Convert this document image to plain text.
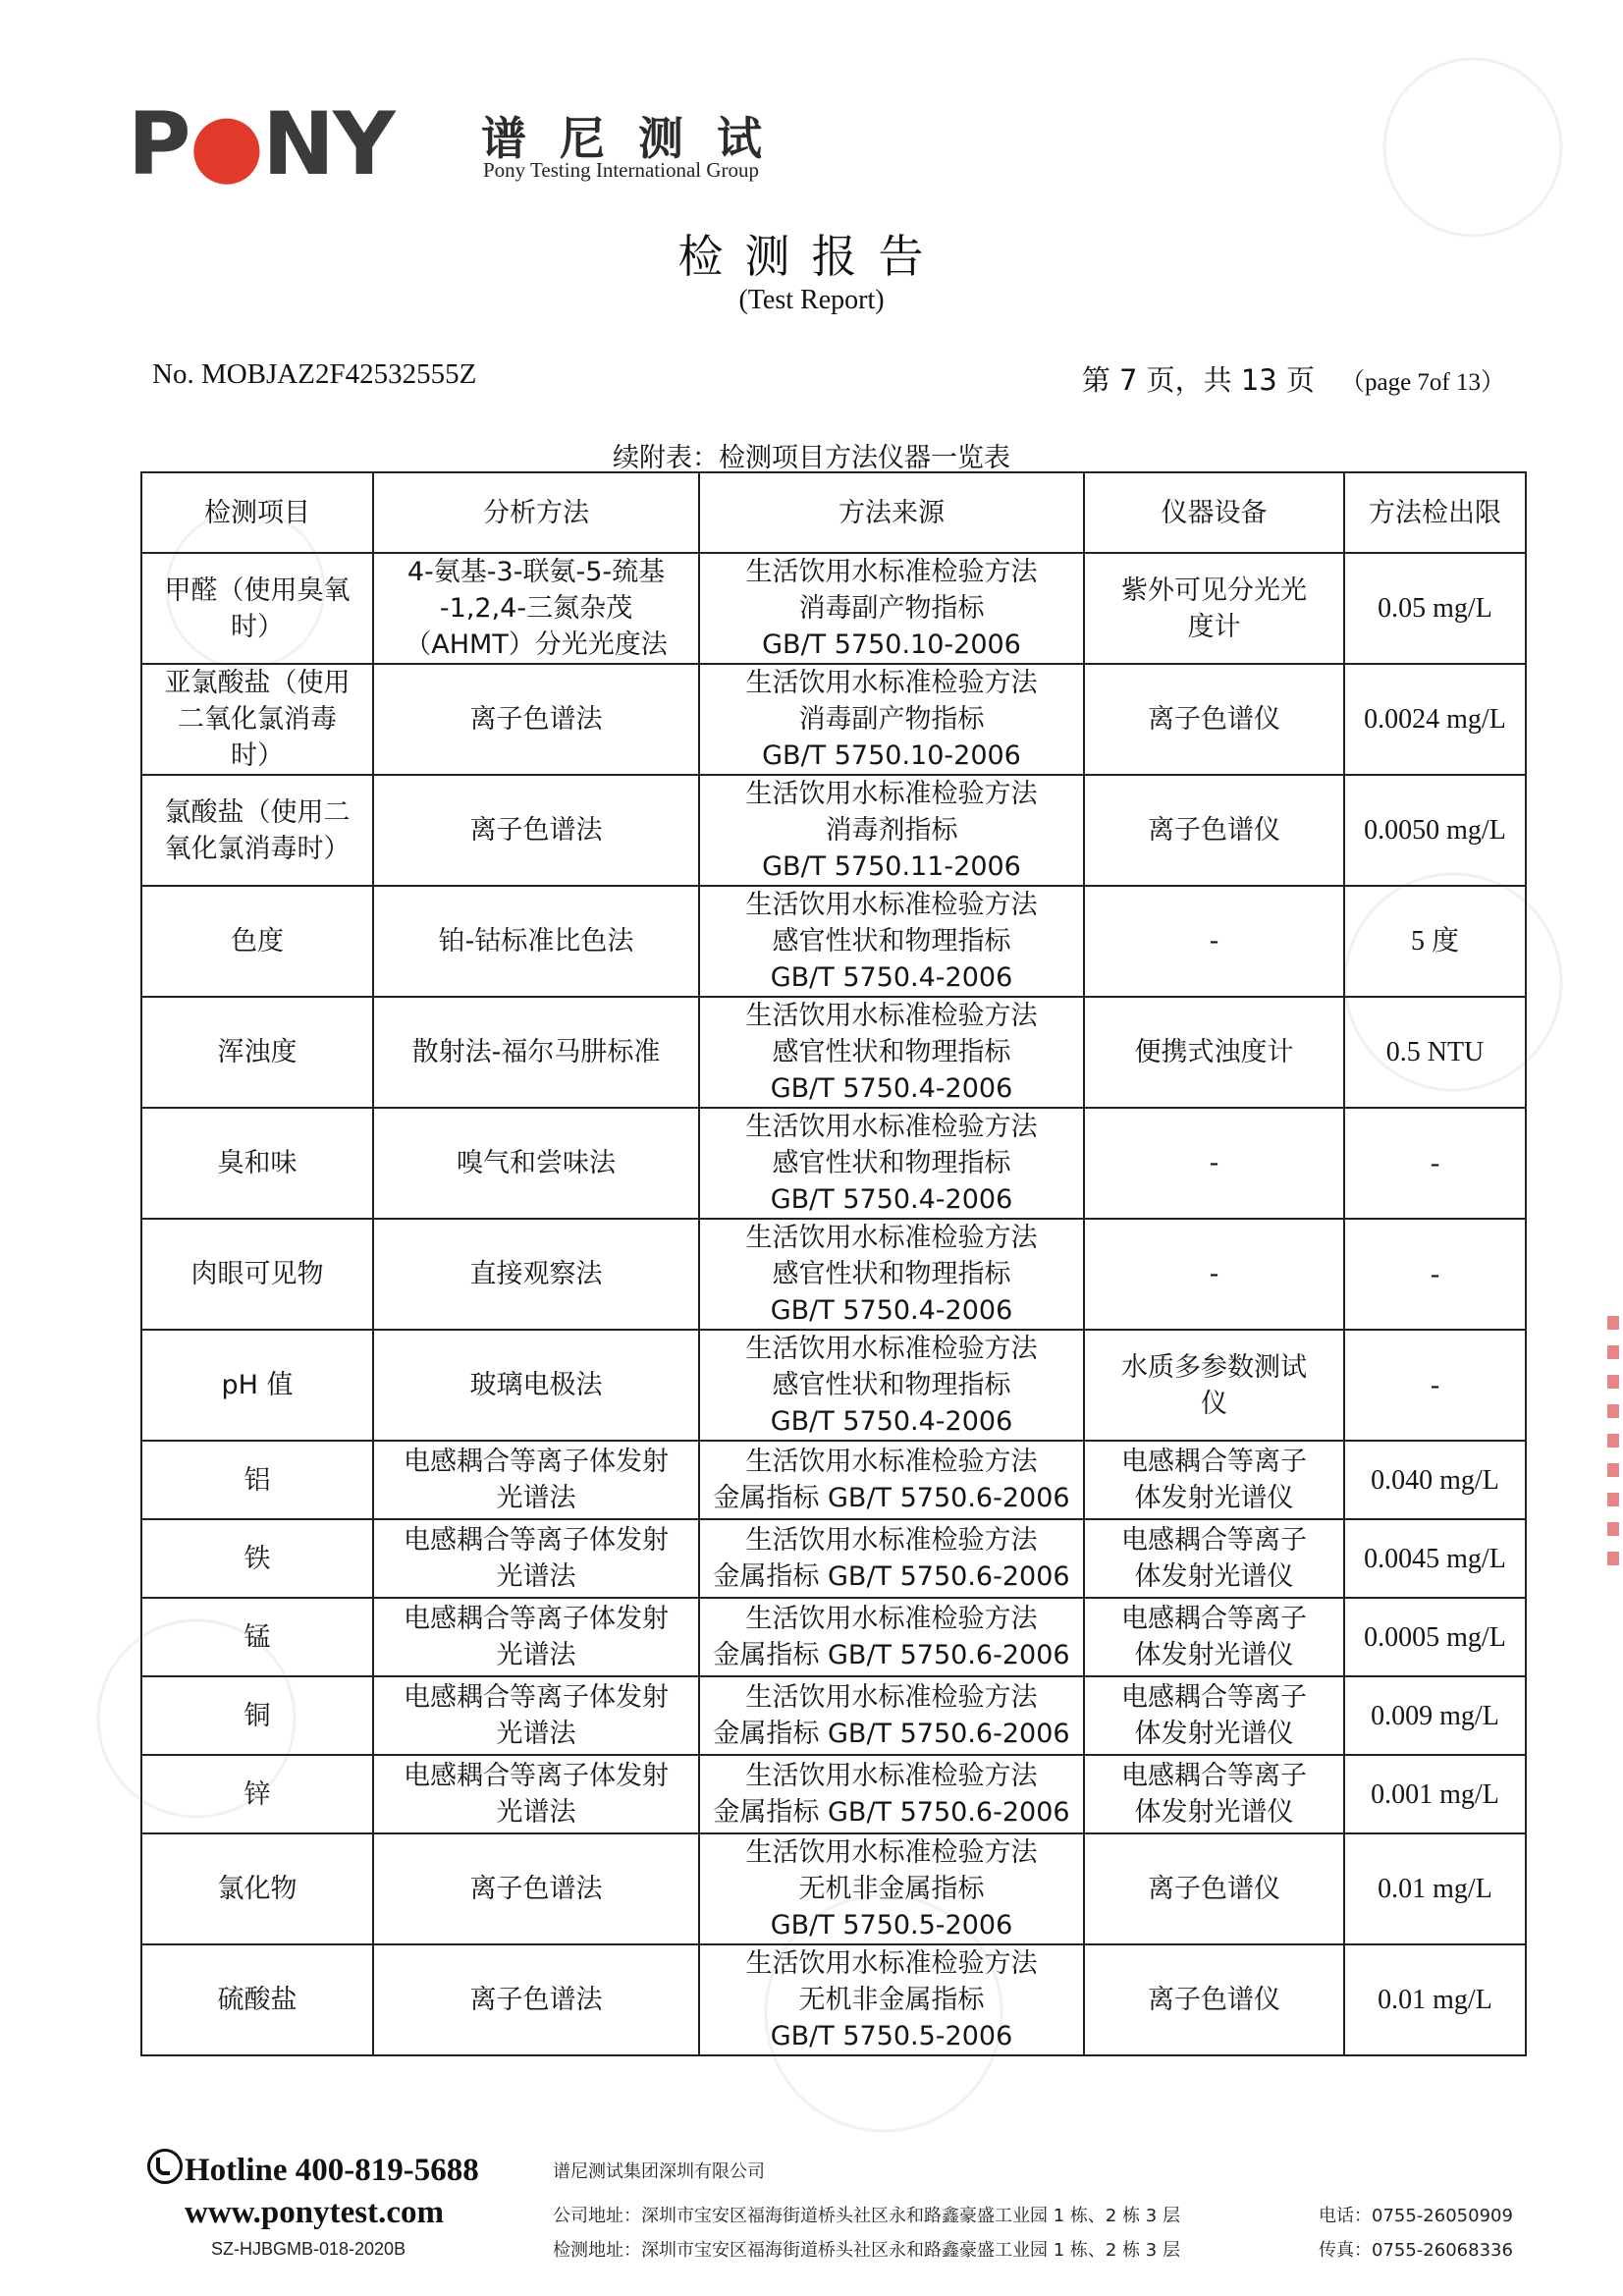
P●NY 谱尼测试
Pony Testing International Group
检测报告
(Test Report)
No. MOBJAZ2F42532555Z	第 7 页，共 13 页 （page 7of 13）
续附表：检测项目方法仪器一览表
检测项目	分析方法	方法来源	仪器设备	方法检出限

甲醛（使用臭氧
时）	4-氨基-3-联氨-5-巯基
-1,2,4-三氮杂茂
（AHMT）分光光度法	生活饮用水标准检验方法
消毒副产物指标
GB/T 5750.10-2006	紫外可见分光光
度计	0.05 mg/L

亚氯酸盐（使用
二氧化氯消毒
时）	离子色谱法	生活饮用水标准检验方法
消毒副产物指标
GB/T 5750.10-2006	离子色谱仪	0.0024 mg/L

氯酸盐（使用二
氧化氯消毒时）	离子色谱法	生活饮用水标准检验方法
消毒剂指标
GB/T 5750.11-2006	离子色谱仪	0.0050 mg/L

色度	铂-钴标准比色法	生活饮用水标准检验方法
感官性状和物理指标
GB/T 5750.4-2006	-	5 度

浑浊度	散射法-福尔马肼标准	生活饮用水标准检验方法
感官性状和物理指标
GB/T 5750.4-2006	便携式浊度计	0.5 NTU

臭和味	嗅气和尝味法	生活饮用水标准检验方法
感官性状和物理指标
GB/T 5750.4-2006	-	-

肉眼可见物	直接观察法	生活饮用水标准检验方法
感官性状和物理指标
GB/T 5750.4-2006	-	-

pH 值	玻璃电极法	生活饮用水标准检验方法
感官性状和物理指标
GB/T 5750.4-2006	水质多参数测试
仪	-

铝	电感耦合等离子体发射
光谱法	生活饮用水标准检验方法
金属指标 GB/T 5750.6-2006	电感耦合等离子
体发射光谱仪	0.040 mg/L

铁	电感耦合等离子体发射
光谱法	生活饮用水标准检验方法
金属指标 GB/T 5750.6-2006	电感耦合等离子
体发射光谱仪	0.0045 mg/L

锰	电感耦合等离子体发射
光谱法	生活饮用水标准检验方法
金属指标 GB/T 5750.6-2006	电感耦合等离子
体发射光谱仪	0.0005 mg/L

铜	电感耦合等离子体发射
光谱法	生活饮用水标准检验方法
金属指标 GB/T 5750.6-2006	电感耦合等离子
体发射光谱仪	0.009 mg/L

锌	电感耦合等离子体发射
光谱法	生活饮用水标准检验方法
金属指标 GB/T 5750.6-2006	电感耦合等离子
体发射光谱仪	0.001 mg/L

氯化物	离子色谱法	生活饮用水标准检验方法
无机非金属指标
GB/T 5750.5-2006	离子色谱仪	0.01 mg/L

硫酸盐	离子色谱法	生活饮用水标准检验方法
无机非金属指标
GB/T 5750.5-2006	离子色谱仪	0.01 mg/L
Hotline 400-819-5688
www.ponytest.com
SZ-HJBGMB-018-2020B
谱尼测试集团深圳有限公司
公司地址：深圳市宝安区福海街道桥头社区永和路鑫豪盛工业园 1 栋、2 栋 3 层
检测地址：深圳市宝安区福海街道桥头社区永和路鑫豪盛工业园 1 栋、2 栋 3 层
电话：0755-26050909
传真：0755-26068336
